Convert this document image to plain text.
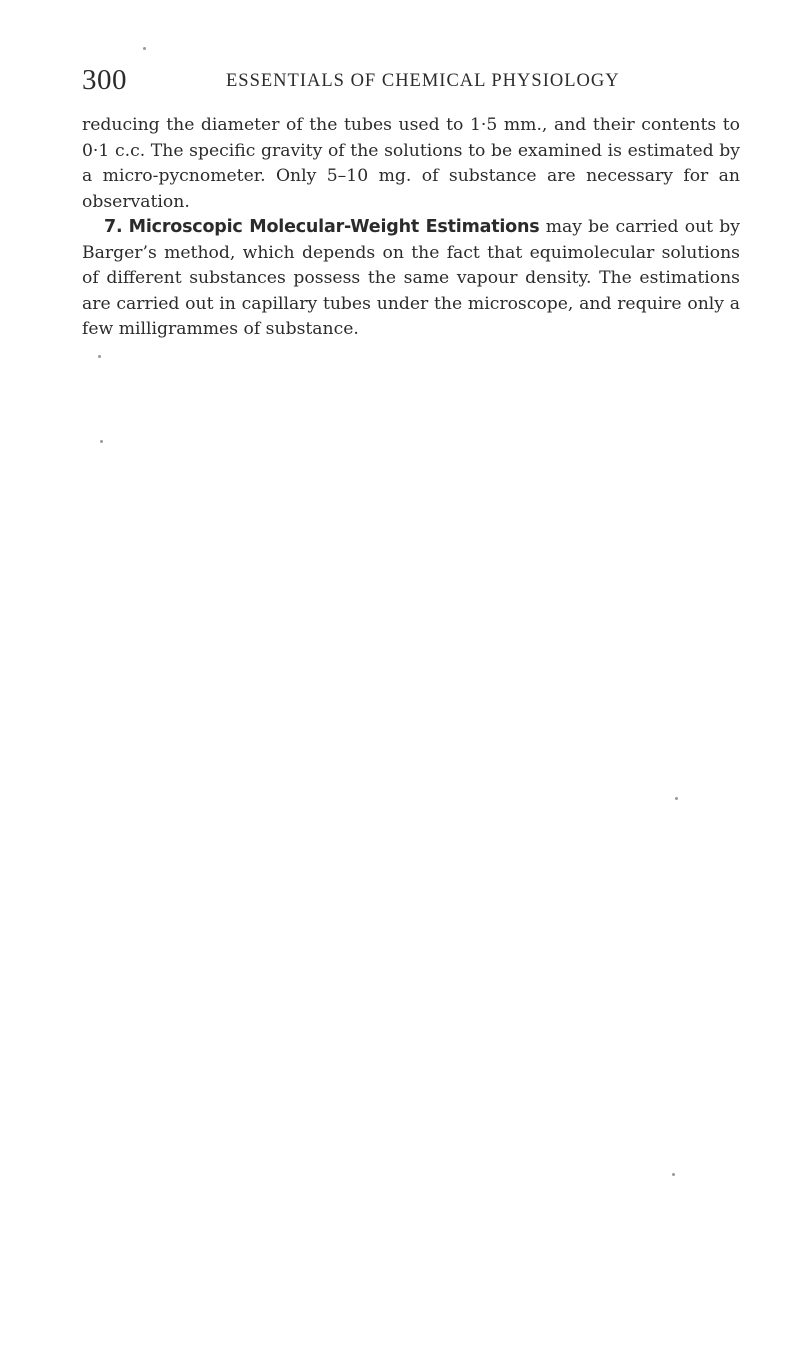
300	ESSENTIALS OF CHEMICAL PHYSIOLOGY

reducing the diameter of the tubes used to 1·5 mm., and their contents to 0·1 c.c. The specific gravity of the solutions to be examined is estimated by a micro-pycnometer. Only 5–10 mg. of substance are necessary for an observation.

7. Microscopic Molecular-Weight Estimations may be carried out by Barger’s method, which depends on the fact that equimolecular solutions of different substances possess the same vapour density. The estimations are carried out in capillary tubes under the microscope, and require only a few milligrammes of substance.
